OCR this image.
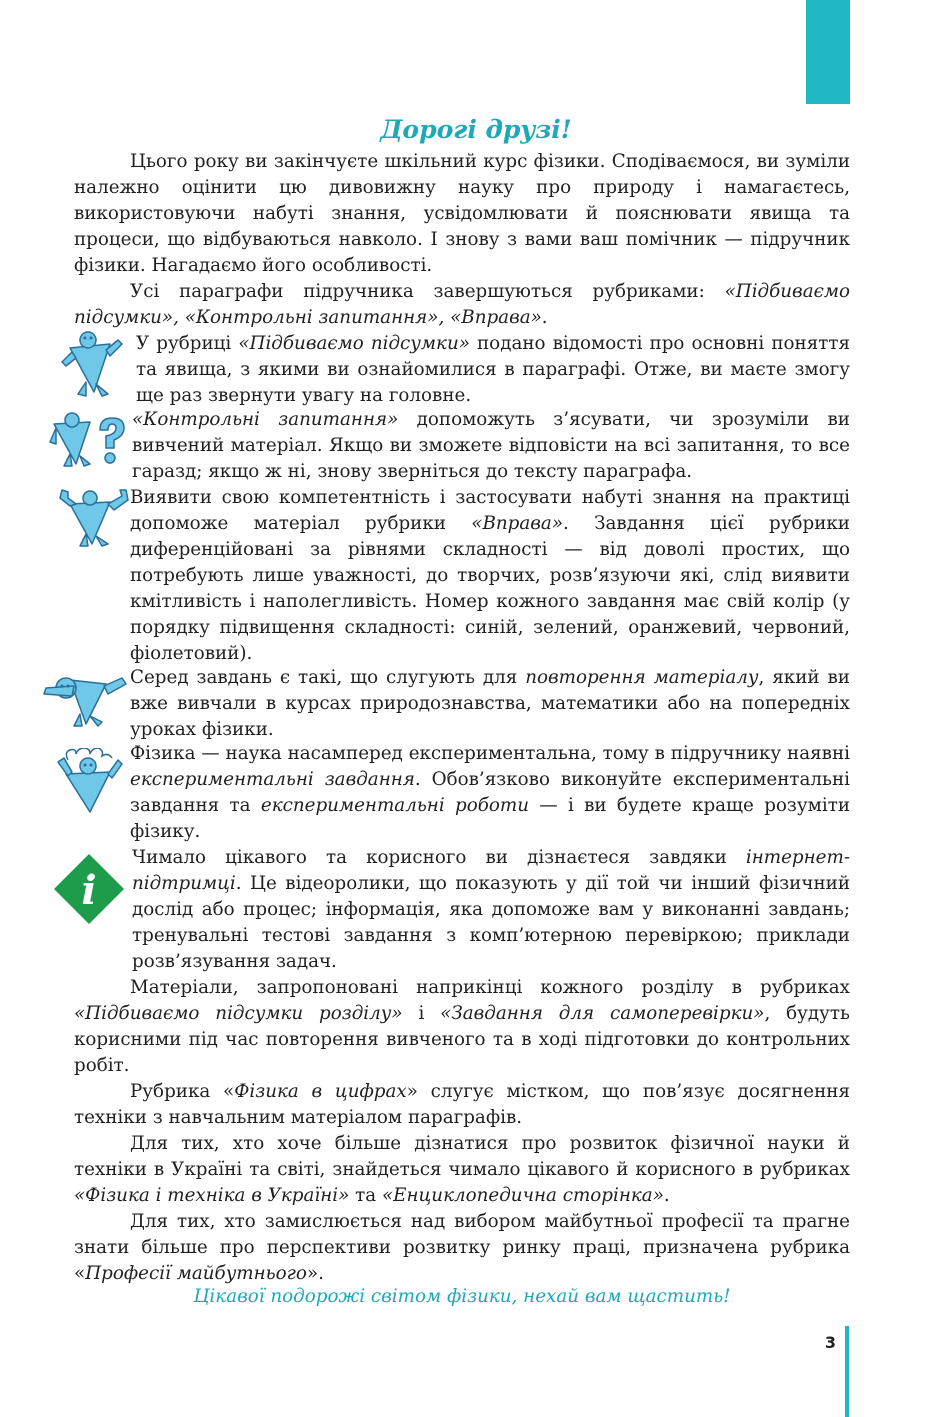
Дорогі друзі!

Цього року ви закінчуєте шкільний курс фізики. Сподіваємося, ви зуміли належно оцінити цю дивовижну науку про природу і намагаєтесь, використовуючи набуті знання, усвідомлювати й пояснювати явища та процеси, що відбуваються навколо. І знову з вами ваш помічник — підручник фізики. Нагадаємо його особливості.

Усі параграфи підручника завершуються рубриками: «Підбиваємо підсумки», «Контрольні запитання», «Вправа».

У рубриці «Підбиваємо підсумки» подано відомості про основні поняття та явища, з якими ви ознайомилися в параграфі. Отже, ви маєте змогу ще раз звернути увагу на головне.
«Контрольні запитання» допоможуть з’ясувати, чи зрозуміли ви вивчений матеріал. Якщо ви зможете відповісти на всі запитання, то все гаразд; якщо ж ні, знову зверніться до тексту параграфа.
Виявити свою компетентність і застосувати набуті знання на практиці допоможе матеріал рубрики «Вправа». Завдання цієї рубрики диференційовані за рівнями складності — від доволі простих, що потребують лише уважності, до творчих, розв’язуючи які, слід виявити кмітливість і наполегливість. Номер кожного завдання має свій колір (у порядку підвищення складності: синій, зелений, оранжевий, червоний, фіолетовий).
Серед завдань є такі, що слугують для повторення матеріалу, який ви вже вивчали в курсах природознавства, математики або на попередніх уроках фізики.
Фізика — наука насамперед експериментальна, тому в підручнику наявні експериментальні завдання. Обов’язково виконуйте експериментальні завдання та експериментальні роботи — і ви будете краще розуміти фізику.
i
Чимало цікавого та корисного ви дізнаєтеся завдяки інтернет-підтримці. Це відеоролики, що показують у дії той чи інший фізичний дослід або процес; інформація, яка допоможе вам у виконанні завдань; тренувальні тестові завдання з комп’ютерною перевіркою; приклади розв’язування задач.

Матеріали, запропоновані наприкінці кожного розділу в рубриках «Підбиваємо підсумки розділу» і «Завдання для самоперевірки», будуть корисними під час повторення вивченого та в ході підготовки до контрольних робіт.

Рубрика «Фізика в цифрах» слугує містком, що пов’язує досягнення техніки з навчальним матеріалом параграфів.

Для тих, хто хоче більше дізнатися про розвиток фізичної науки й техніки в Україні та світі, знайдеться чимало цікавого й корисного в рубриках «Фізика і техніка в Україні» та «Енциклопедична сторінка».

Для тих, хто замислюється над вибором майбутньої професії та прагне знати більше про перспективи розвитку ринку праці, призначена рубрика «Професії майбутнього».

Цікавої подорожі світом фізики, нехай вам щастить!
3
